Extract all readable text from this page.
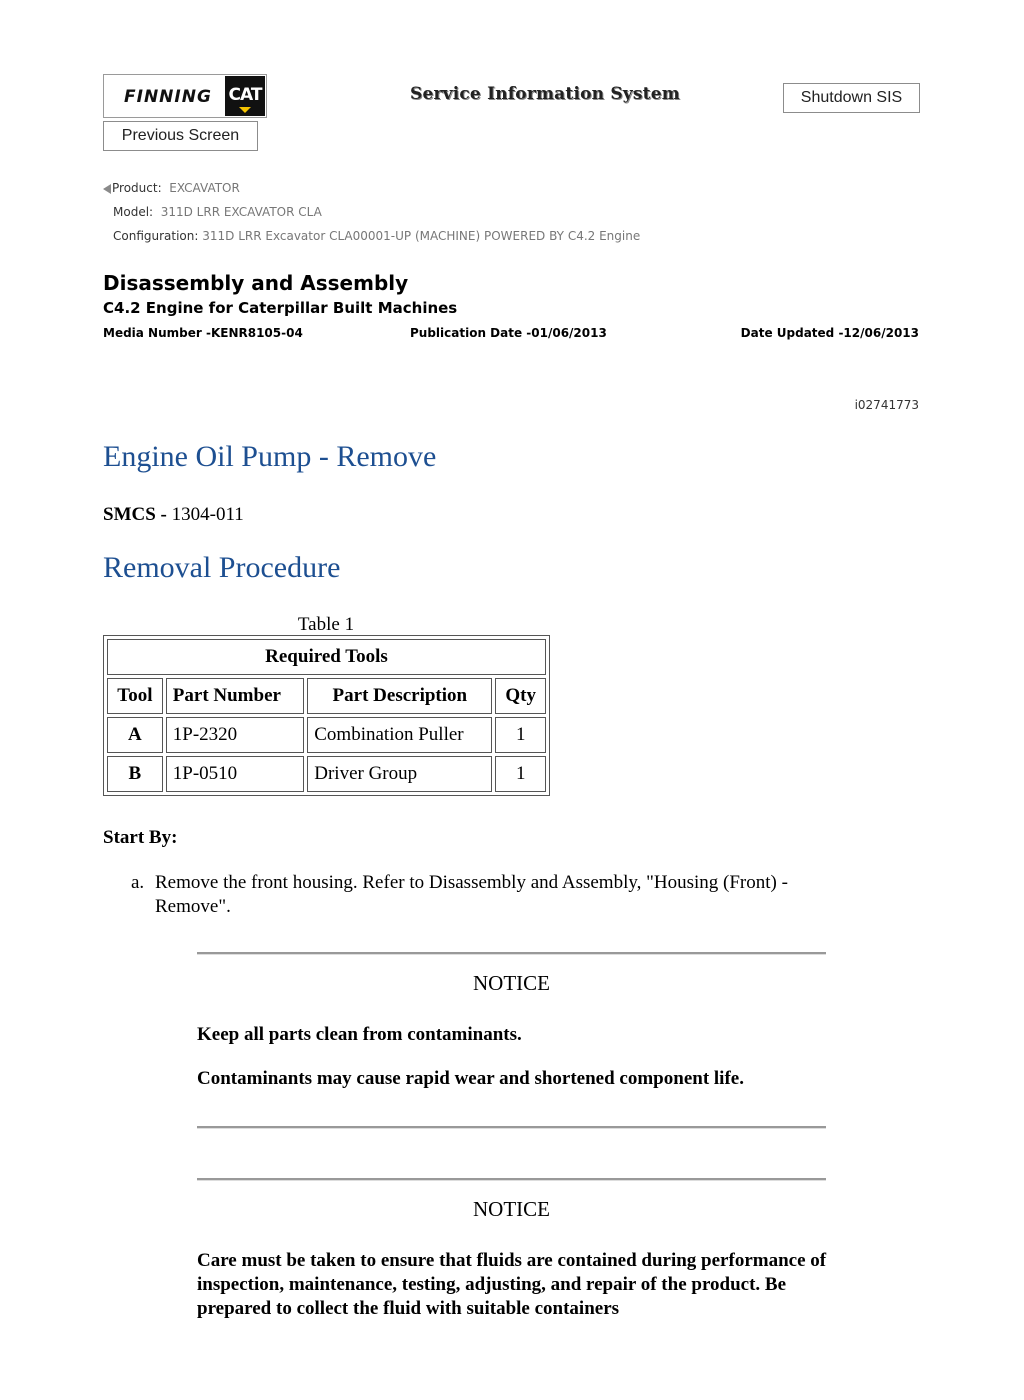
FINNING CAT	Service Information System	Shutdown SIS
Previous Screen
Product: EXCAVATOR
Model: 311D LRR EXCAVATOR CLA
Configuration: 311D LRR Excavator CLA00001-UP (MACHINE) POWERED BY C4.2 Engine
Disassembly and Assembly
C4.2 Engine for Caterpillar Built Machines
Media Number -KENR8105-04	Publication Date -01/06/2013	Date Updated -12/06/2013
i02741773
Engine Oil Pump - Remove
SMCS - 1304-011
Removal Procedure
Table 1
Required Tools			
Tool	Part Number	Part Description	Qty
A	1P-2320	Combination Puller	1
B	1P-0510	Driver Group	1
Start By:
a. Remove the front housing. Refer to Disassembly and Assembly, "Housing (Front) - Remove".
NOTICE
Keep all parts clean from contaminants.
Contaminants may cause rapid wear and shortened component life.
NOTICE
Care must be taken to ensure that fluids are contained during performance of inspection, maintenance, testing, adjusting, and repair of the product. Be prepared to collect the fluid with suitable containers
